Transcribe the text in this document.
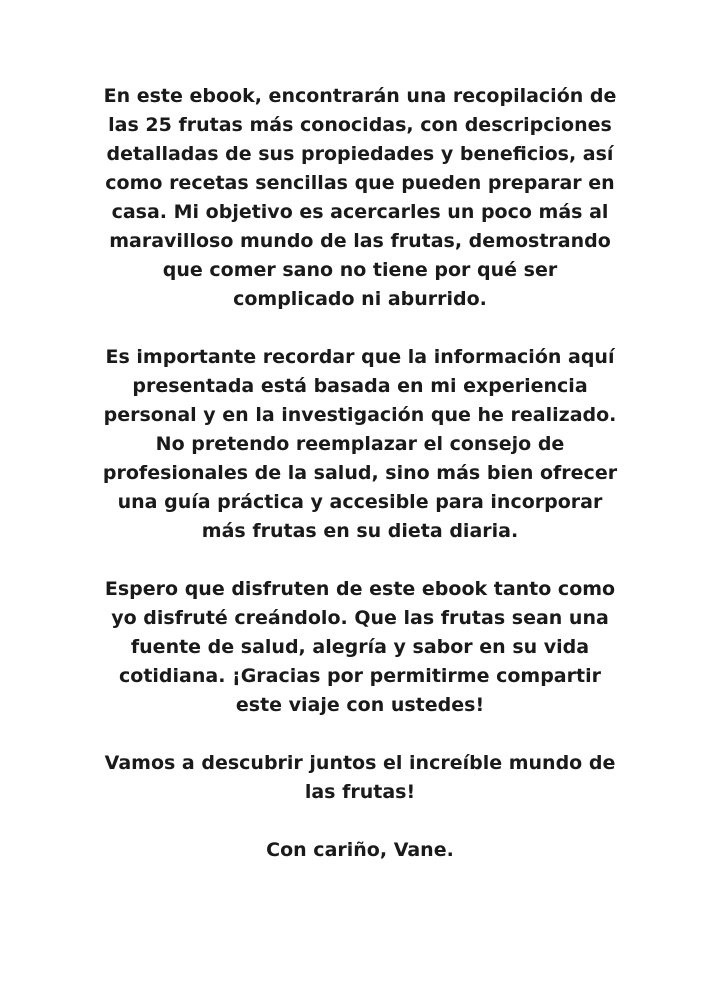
En este ebook, encontrarán una recopilación de
las 25 frutas más conocidas, con descripciones
detalladas de sus propiedades y beneficios, así
como recetas sencillas que pueden preparar en
casa. Mi objetivo es acercarles un poco más al
maravilloso mundo de las frutas, demostrando
que comer sano no tiene por qué ser
complicado ni aburrido.

Es importante recordar que la información aquí
presentada está basada en mi experiencia
personal y en la investigación que he realizado.
No pretendo reemplazar el consejo de
profesionales de la salud, sino más bien ofrecer
una guía práctica y accesible para incorporar
más frutas en su dieta diaria.

Espero que disfruten de este ebook tanto como
yo disfruté creándolo. Que las frutas sean una
fuente de salud, alegría y sabor en su vida
cotidiana. ¡Gracias por permitirme compartir
este viaje con ustedes!

Vamos a descubrir juntos el increíble mundo de
las frutas!

Con cariño, Vane.
